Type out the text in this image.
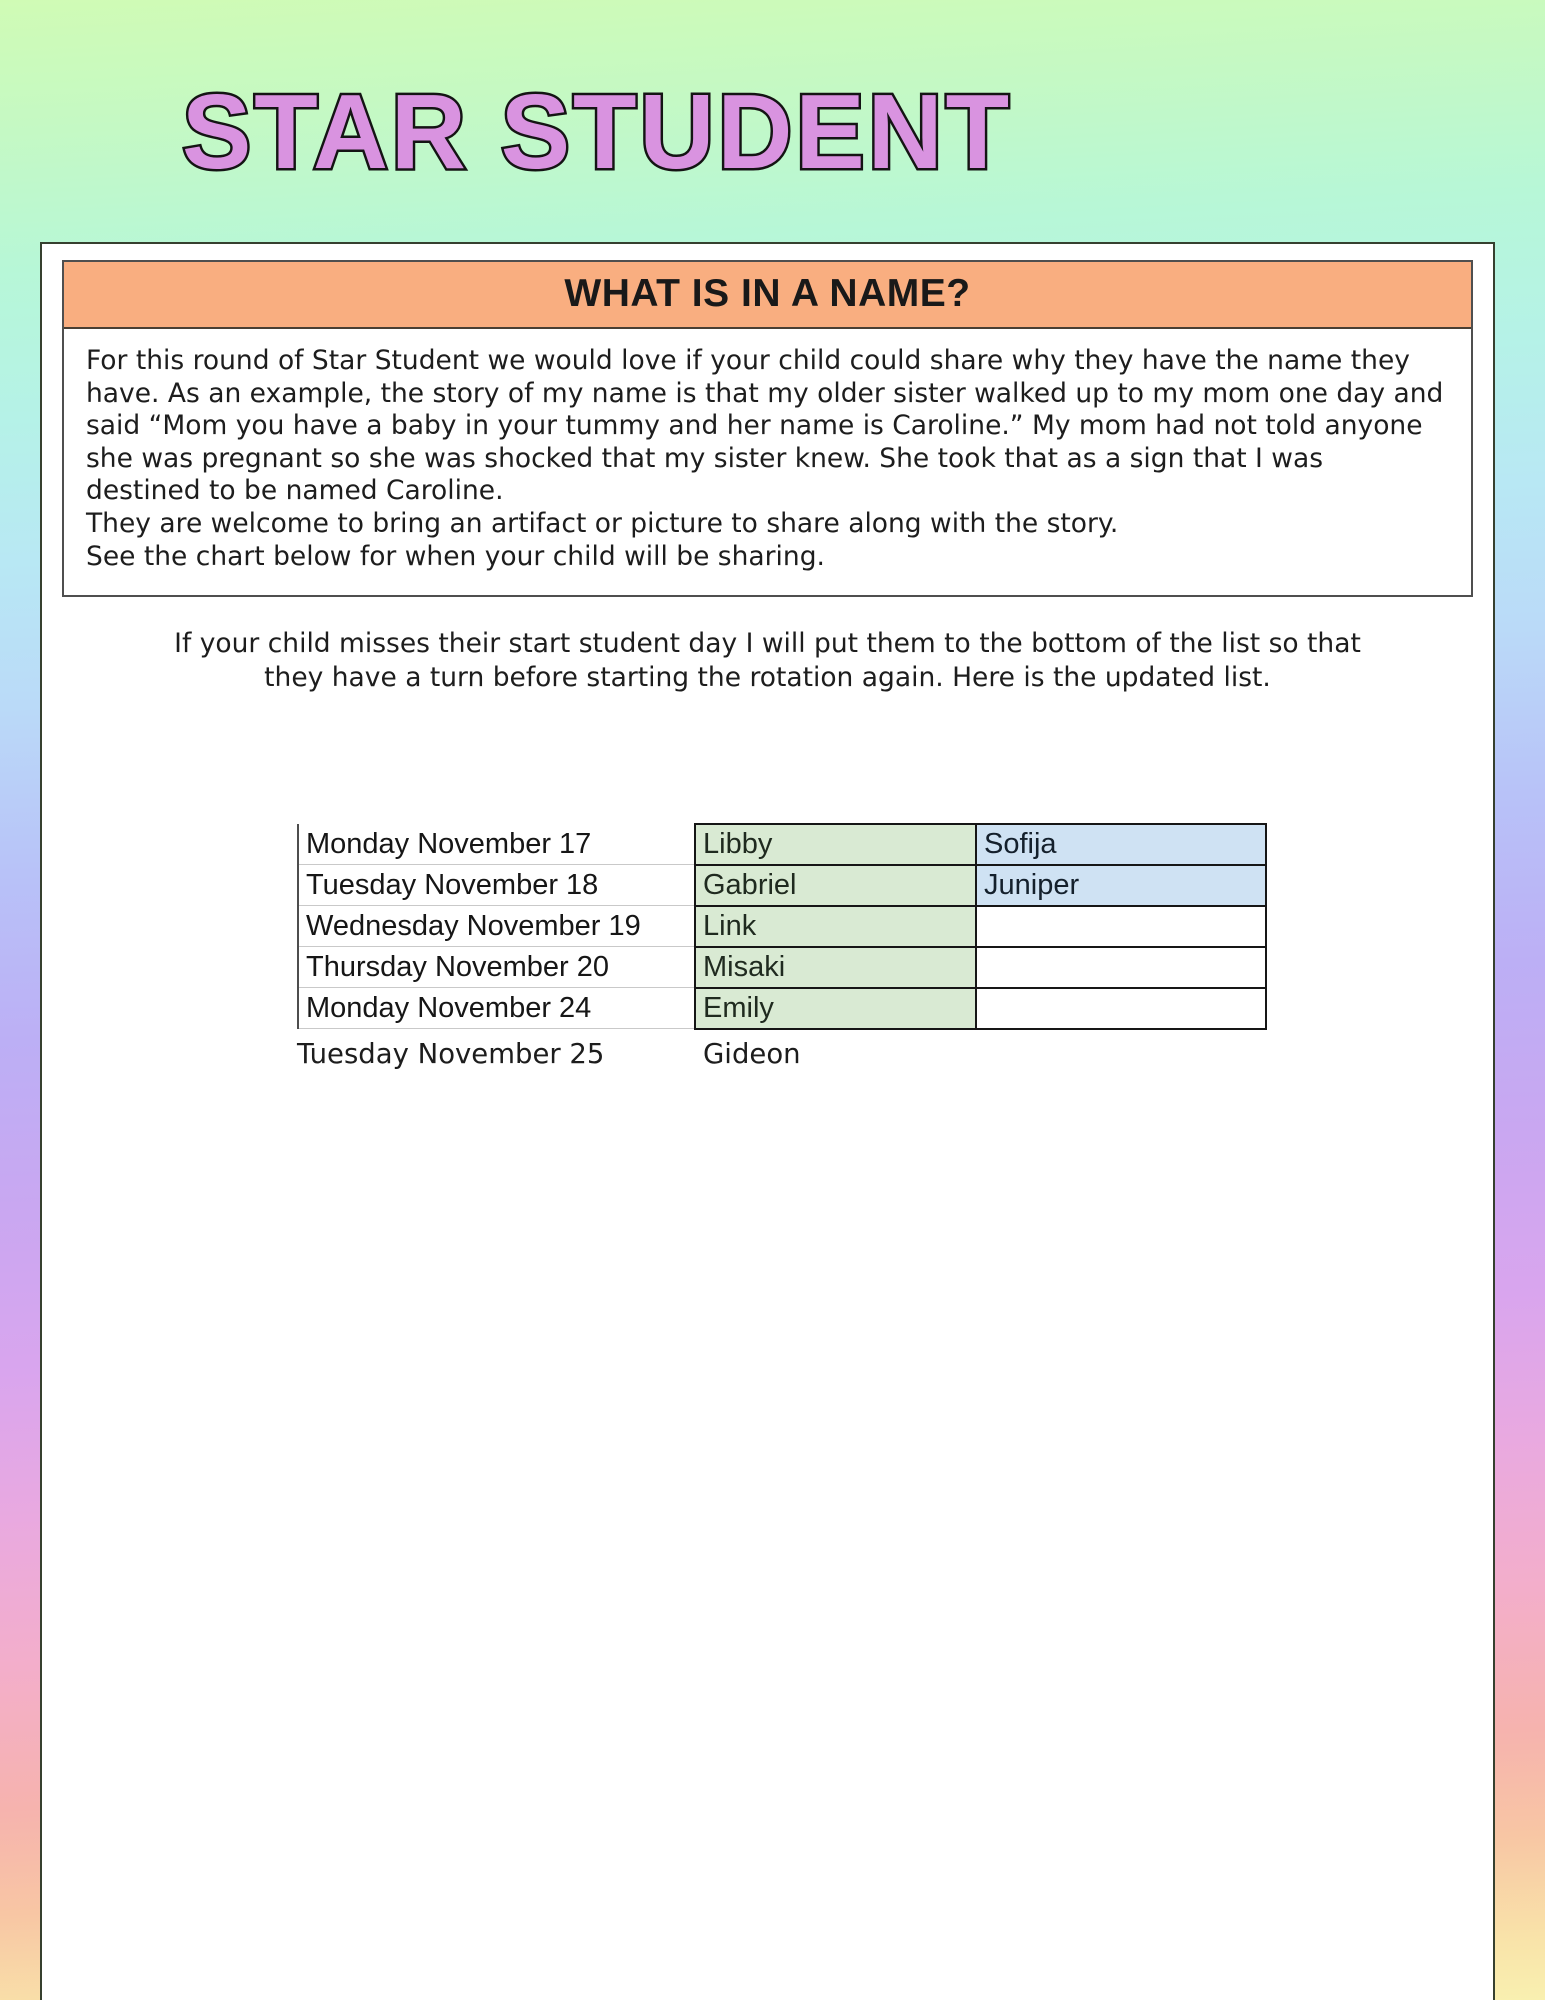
STAR STUDENT
WHAT IS IN A NAME?

For this round of Star Student we would love if your child could share why they have the name they have. As an example, the story of my name is that my older sister walked up to my mom one day and said “Mom you have a baby in your tummy and her name is Caroline.” My mom had not told anyone she was pregnant so she was shocked that my sister knew. She took that as a sign that I was destined to be named Caroline.

They are welcome to bring an artifact or picture to share along with the story.

See the chart below for when your child will be sharing.

If your child misses their start student day I will put them to the bottom of the list so that they have a turn before starting the rotation again. Here is the updated list.
Monday November 17	Libby	Sofija
Tuesday November 18	Gabriel	Juniper
Wednesday November 19	Link	
Thursday November 20	Misaki	
Monday November 24	Emily	
Tuesday November 25	Gideon
